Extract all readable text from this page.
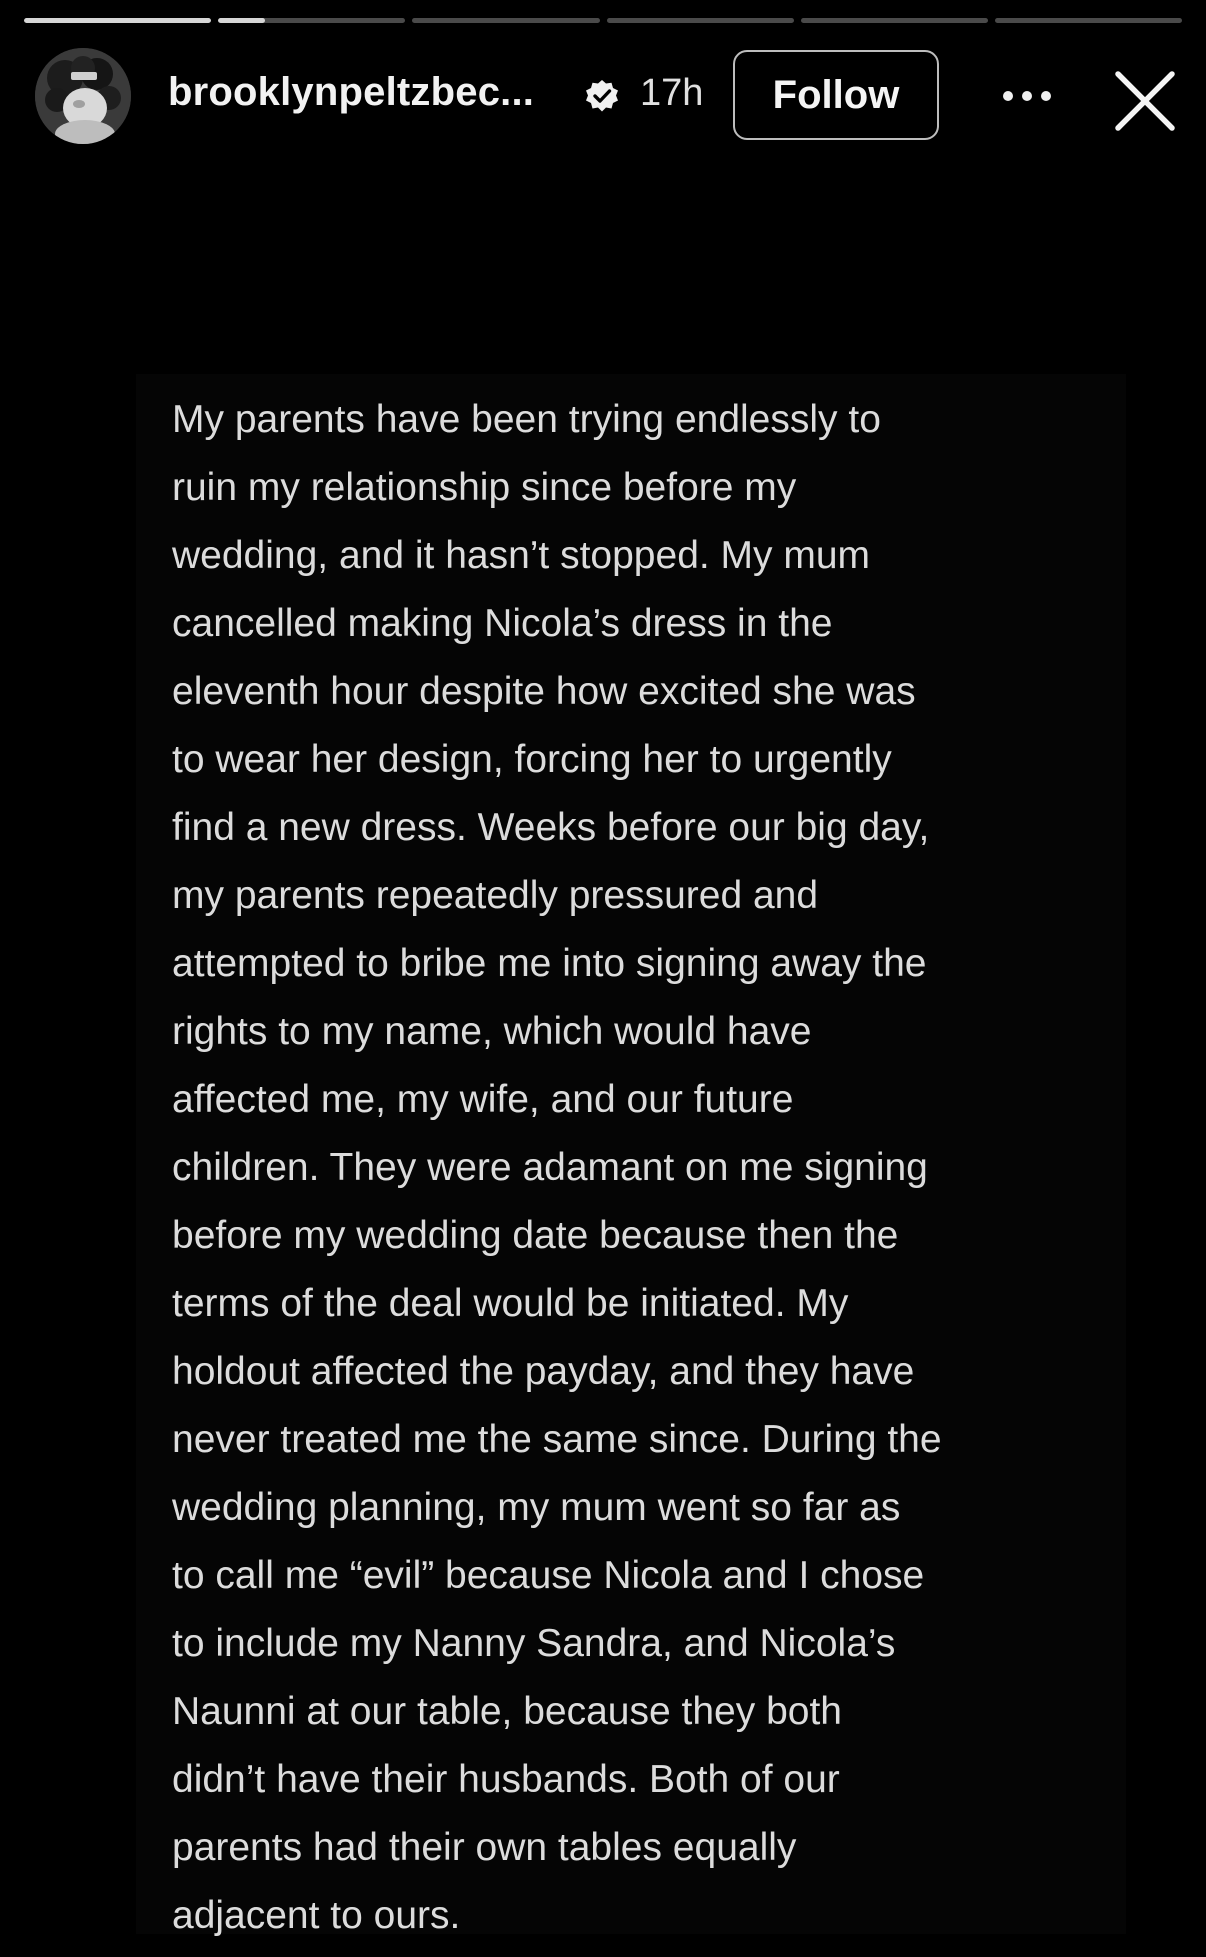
brooklynpeltzbec...	17h	Follow

My parents have been trying endlessly to
ruin my relationship since before my
wedding, and it hasn’t stopped. My mum
cancelled making Nicola’s dress in the
eleventh hour despite how excited she was
to wear her design, forcing her to urgently
find a new dress. Weeks before our big day,
my parents repeatedly pressured and
attempted to bribe me into signing away the
rights to my name, which would have
affected me, my wife, and our future
children. They were adamant on me signing
before my wedding date because then the
terms of the deal would be initiated. My
holdout affected the payday, and they have
never treated me the same since. During the
wedding planning, my mum went so far as
to call me “evil” because Nicola and I chose
to include my Nanny Sandra, and Nicola’s
Naunni at our table, because they both
didn’t have their husbands. Both of our
parents had their own tables equally
adjacent to ours.
